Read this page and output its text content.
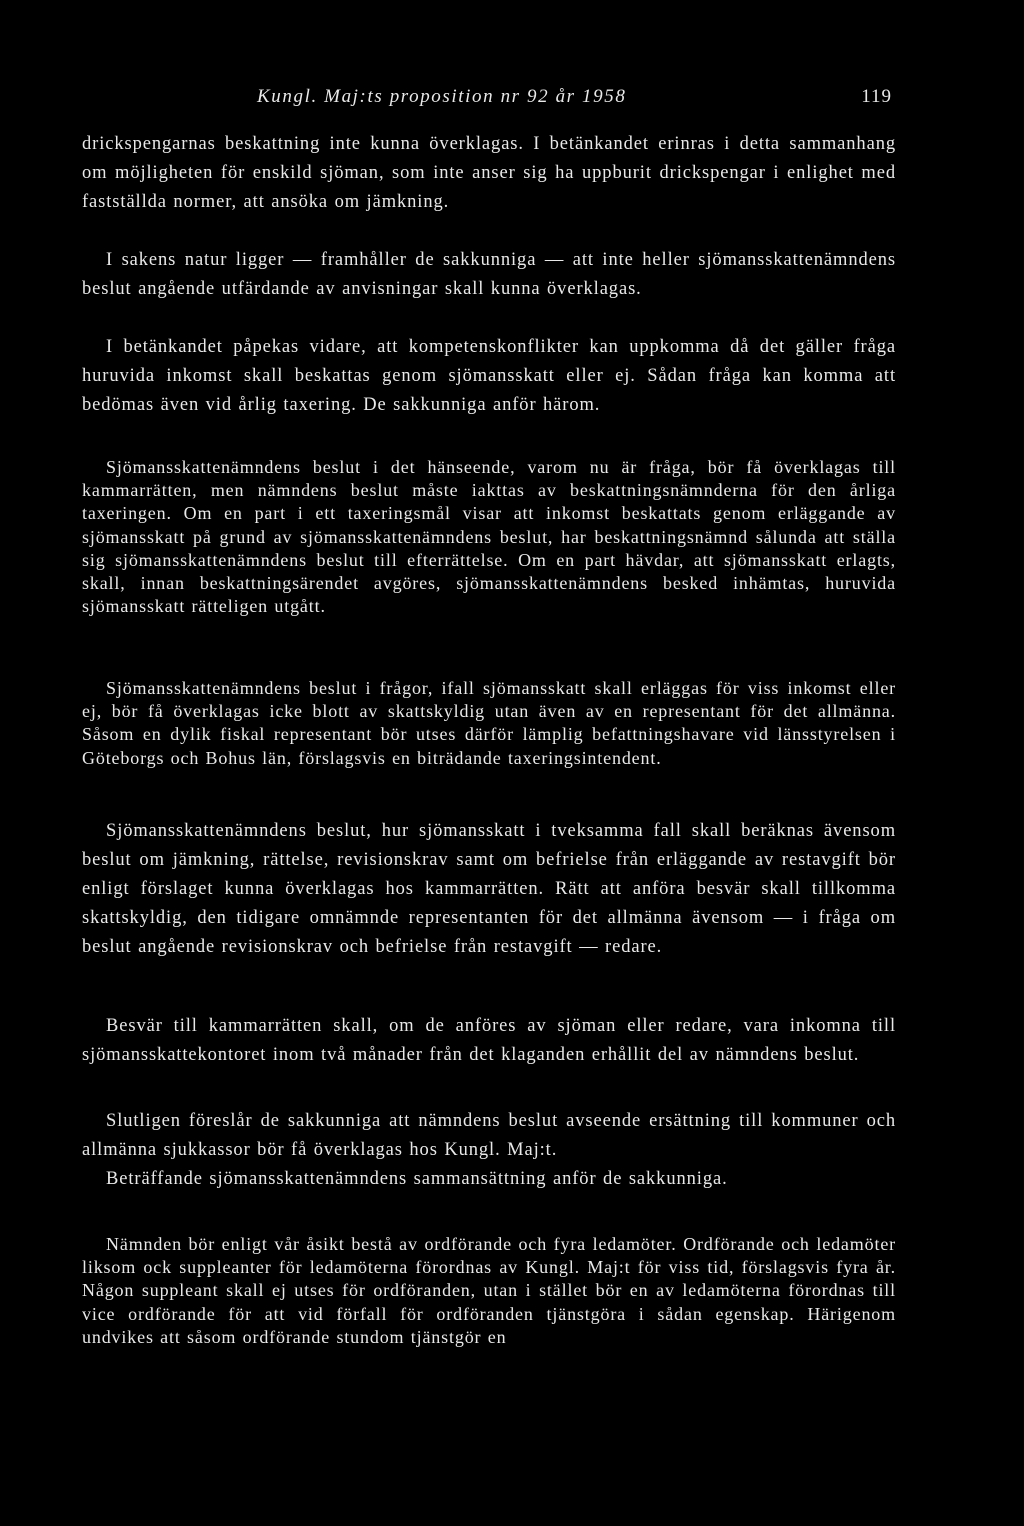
Kungl. Maj:ts proposition nr 92 år 1958	119

drickspengarnas beskattning inte kunna överklagas. I betänkandet erinras i detta sammanhang om möjligheten för enskild sjöman, som inte anser sig ha uppburit drickspengar i enlighet med fastställda normer, att ansöka om jämkning.

I sakens natur ligger — framhåller de sakkunniga — att inte heller sjömansskattenämndens beslut angående utfärdande av anvisningar skall kunna överklagas.

I betänkandet påpekas vidare, att kompetenskonflikter kan uppkomma då det gäller fråga huruvida inkomst skall beskattas genom sjömansskatt eller ej. Sådan fråga kan komma att bedömas även vid årlig taxering. De sakkunniga anför härom.

Sjömansskattenämndens beslut i det hänseende, varom nu är fråga, bör få överklagas till kammarrätten, men nämndens beslut måste iakttas av beskattningsnämnderna för den årliga taxeringen. Om en part i ett taxeringsmål visar att inkomst beskattats genom erläggande av sjömansskatt på grund av sjömansskattenämndens beslut, har beskattningsnämnd sålunda att ställa sig sjömansskattenämndens beslut till efterrättelse. Om en part hävdar, att sjömansskatt erlagts, skall, innan beskattningsärendet avgöres, sjömansskattenämndens besked inhämtas, huruvida sjömansskatt rätteligen utgått.

Sjömansskattenämndens beslut i frågor, ifall sjömansskatt skall erläggas för viss inkomst eller ej, bör få överklagas icke blott av skattskyldig utan även av en representant för det allmänna. Såsom en dylik fiskal representant bör utses därför lämplig befattningshavare vid länsstyrelsen i Göteborgs och Bohus län, förslagsvis en biträdande taxeringsintendent.

Sjömansskattenämndens beslut, hur sjömansskatt i tveksamma fall skall beräknas ävensom beslut om jämkning, rättelse, revisionskrav samt om befrielse från erläggande av restavgift bör enligt förslaget kunna överklagas hos kammarrätten. Rätt att anföra besvär skall tillkomma skattskyldig, den tidigare omnämnde representanten för det allmänna ävensom — i fråga om beslut angående revisionskrav och befrielse från restavgift — redare.

Besvär till kammarrätten skall, om de anföres av sjöman eller redare, vara inkomna till sjömansskattekontoret inom två månader från det klaganden erhållit del av nämndens beslut.

Slutligen föreslår de sakkunniga att nämndens beslut avseende ersättning till kommuner och allmänna sjukkassor bör få överklagas hos Kungl. Maj:t.

Beträffande sjömansskattenämndens sammansättning anför de sakkunniga.

Nämnden bör enligt vår åsikt bestå av ordförande och fyra ledamöter. Ordförande och ledamöter liksom ock suppleanter för ledamöterna förordnas av Kungl. Maj:t för viss tid, förslagsvis fyra år. Någon suppleant skall ej utses för ordföranden, utan i stället bör en av ledamöterna förordnas till vice ordförande för att vid förfall för ordföranden tjänstgöra i sådan egenskap. Härigenom undvikes att såsom ordförande stundom tjänstgör en
